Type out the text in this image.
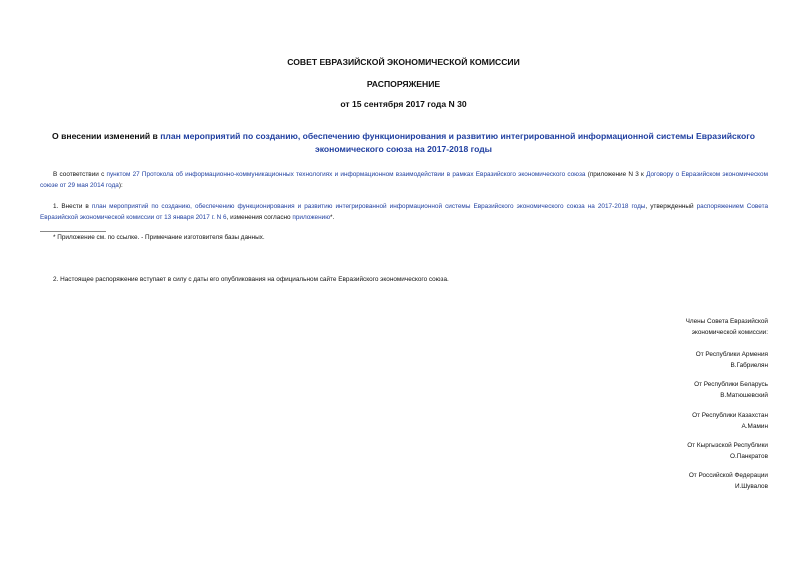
СОВЕТ ЕВРАЗИЙСКОЙ ЭКОНОМИЧЕСКОЙ КОМИССИИ
РАСПОРЯЖЕНИЕ
от 15 сентября 2017 года N 30
О внесении изменений в план мероприятий по созданию, обеспечению функционирования и развитию интегрированной информационной системы Евразийского экономического союза на 2017-2018 годы
В соответствии с пунктом 27 Протокола об информационно-коммуникационных технологиях и информационном взаимодействии в рамках Евразийского экономического союза (приложение N 3 к Договору о Евразийском экономическом союзе от 29 мая 2014 года):
1. Внести в план мероприятий по созданию, обеспечению функционирования и развитию интегрированной информационной системы Евразийского экономического союза на 2017-2018 годы, утвержденный распоряжением Совета Евразийской экономической комиссии от 13 января 2017 г. N 6, изменения согласно приложению*.
* Приложение см. по ссылке. - Примечание изготовителя базы данных.
2. Настоящее распоряжение вступает в силу с даты его опубликования на официальном сайте Евразийского экономического союза.
Члены Совета Евразийской
экономической комиссии:
От Республики Армения
В.Габриелян
От Республики Беларусь
В.Матюшевский
От Республики Казахстан
А.Мамин
От Кыргызской Республики
О.Панкратов
От Российской Федерации
И.Шувалов
